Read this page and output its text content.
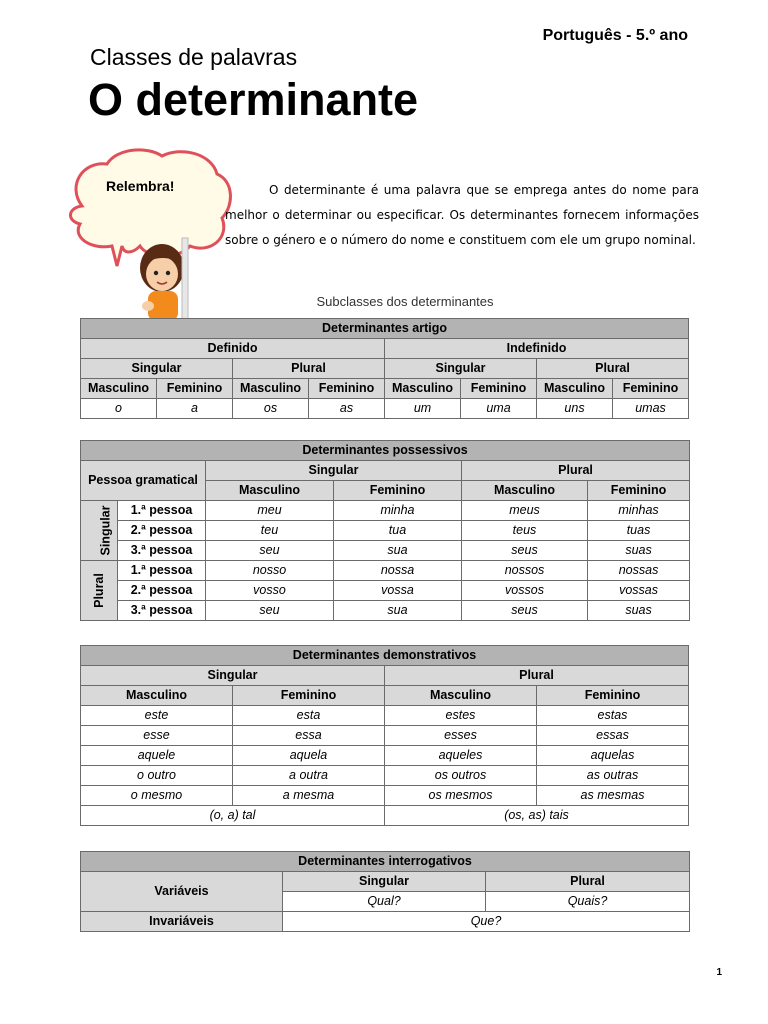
Português - 5.º ano
Classes de palavras
O determinante
Relembra!	O determinante é uma palavra que se emprega antes do nome para melhor o determinar ou especificar. Os determinantes fornecem informações sobre o género e o número do nome e constituem com ele um grupo nominal.

Subclasses dos determinantes
Determinantes artigo							
Definido				Indefinido			
Singular		Plural		Singular		Plural	
Masculino	Feminino	Masculino	Feminino	Masculino	Feminino	Masculino	Feminino
o	a	os	as	um	uma	uns	umas
Determinantes possessivos					
Pessoa gramatical		Singular		Plural	
		Masculino	Feminino	Masculino	Feminino
Singular	1.ª pessoa	meu	minha	meus	minhas
	2.ª pessoa	teu	tua	teus	tuas
	3.ª pessoa	seu	sua	seus	suas
Plural	1.ª pessoa	nosso	nossa	nossos	nossas
	2.ª pessoa	vosso	vossa	vossos	vossas
	3.ª pessoa	seu	sua	seus	suas
Determinantes demonstrativos			
Singular		Plural	
Masculino	Feminino	Masculino	Feminino
este	esta	estes	estas
esse	essa	esses	essas
aquele	aquela	aqueles	aquelas
o outro	a outra	os outros	as outras
o mesmo	a mesma	os mesmos	as mesmas
(o, a) tal		(os, as) tais	
Determinantes interrogativos		
Variáveis	Singular	Plural
	Qual?	Quais?
Invariáveis	Que?	
1
